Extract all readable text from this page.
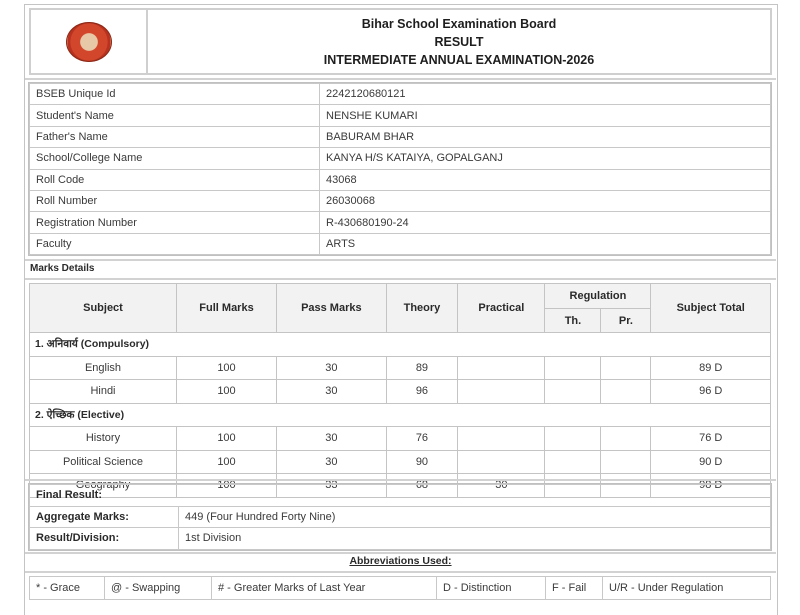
Bihar School Examination Board
RESULT
INTERMEDIATE ANNUAL EXAMINATION-2026
BSEB Unique Id	2242120680121
Student's Name	NENSHE KUMARI
Father's Name	BABURAM BHAR
School/College Name	KANYA H/S KATAIYA, GOPALGANJ
Roll Code	43068
Roll Number	26030068
Registration Number	R-430680190-24
Faculty	ARTS
Marks Details
Subject	Full Marks	Pass Marks	Theory	Practical	Regulation		Subject Total
					Th.	Pr.	
1. अनिवार्य (Compulsory)							
English	100	30	89				89 D
Hindi	100	30	96				96 D
2. ऐच्छिक (Elective)							
History	100	30	76				76 D
Political Science	100	30	90				90 D
Geography	100	33	68	30			98 D
Final Result:	
Aggregate Marks:	449 (Four Hundred Forty Nine)
Result/Division:	1st Division
Abbreviations Used:
* - Grace	@ - Swapping	# - Greater Marks of Last Year	D - Distinction	F - Fail	U/R - Under Regulation
